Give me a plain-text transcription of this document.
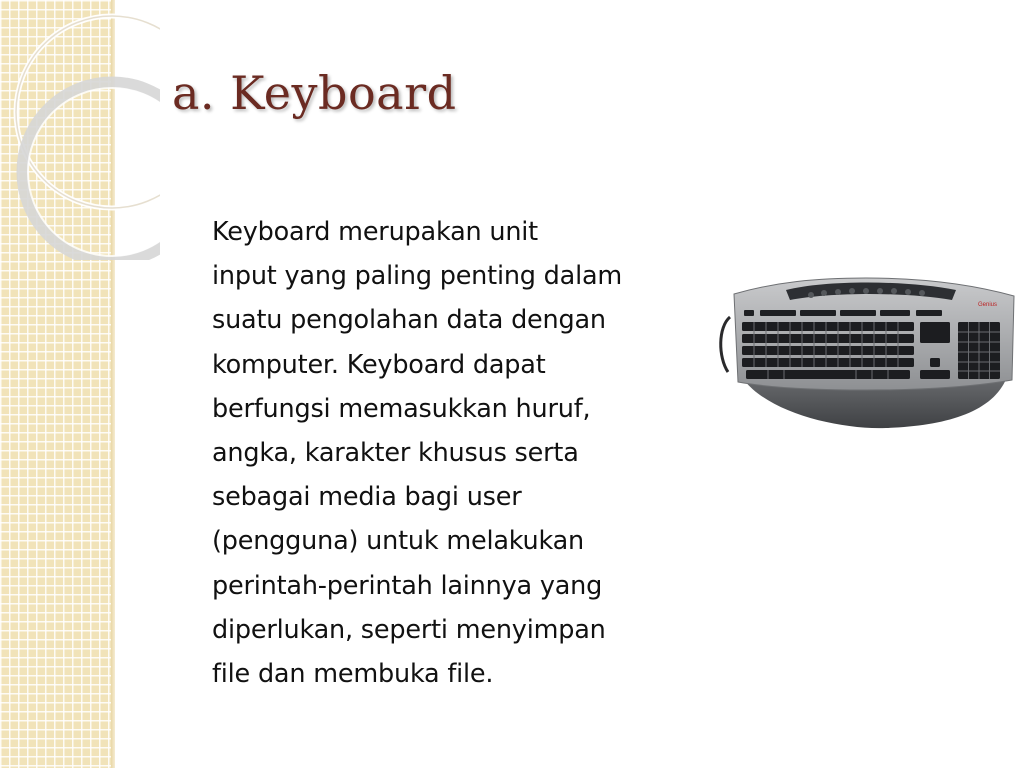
a. Keyboard
Keyboard merupakan unit
input yang paling penting dalam
suatu pengolahan data dengan
komputer. Keyboard dapat
berfungsi memasukkan huruf,
angka, karakter khusus serta
sebagai media bagi user
(pengguna) untuk melakukan
perintah-perintah lainnya yang
diperlukan, seperti menyimpan
file dan membuka file.
Genius
